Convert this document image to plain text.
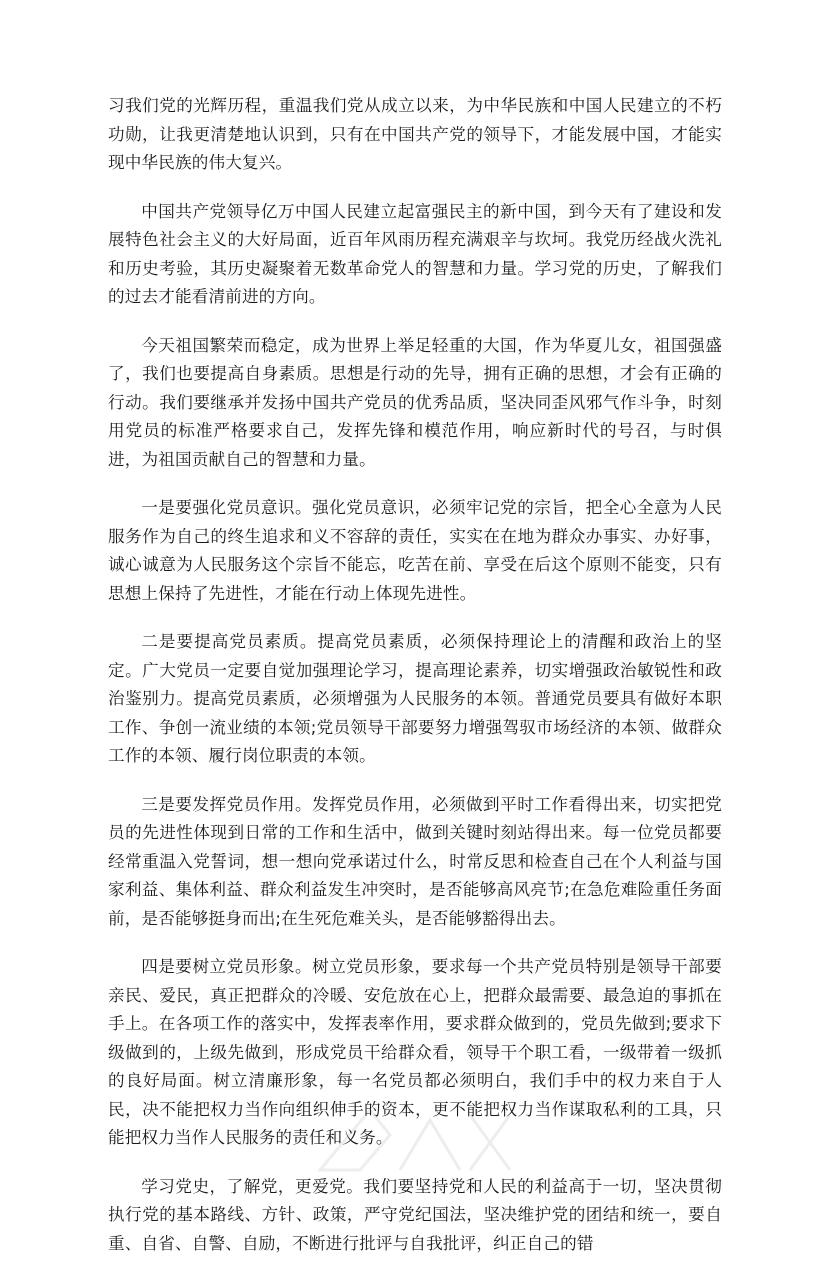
习我们党的光辉历程，重温我们党从成立以来，为中华民族和中国人民建立的不朽功勋，让我更清楚地认识到，只有在中国共产党的领导下，才能发展中国，才能实现中华民族的伟大复兴。

中国共产党领导亿万中国人民建立起富强民主的新中国，到今天有了建设和发展特色社会主义的大好局面，近百年风雨历程充满艰辛与坎坷。我党历经战火洗礼和历史考验，其历史凝聚着无数革命党人的智慧和力量。学习党的历史，了解我们的过去才能看清前进的方向。

今天祖国繁荣而稳定，成为世界上举足轻重的大国，作为华夏儿女，祖国强盛了，我们也要提高自身素质。思想是行动的先导，拥有正确的思想，才会有正确的行动。我们要继承并发扬中国共产党员的优秀品质，坚决同歪风邪气作斗争，时刻用党员的标准严格要求自己，发挥先锋和模范作用，响应新时代的号召，与时俱进，为祖国贡献自己的智慧和力量。

一是要强化党员意识。强化党员意识，必须牢记党的宗旨，把全心全意为人民服务作为自己的终生追求和义不容辞的责任，实实在在地为群众办事实、办好事，诚心诚意为人民服务这个宗旨不能忘，吃苦在前、享受在后这个原则不能变，只有思想上保持了先进性，才能在行动上体现先进性。

二是要提高党员素质。提高党员素质，必须保持理论上的清醒和政治上的坚定。广大党员一定要自觉加强理论学习，提高理论素养，切实增强政治敏锐性和政治鉴别力。提高党员素质，必须增强为人民服务的本领。普通党员要具有做好本职工作、争创一流业绩的本领;党员领导干部要努力增强驾驭市场经济的本领、做群众工作的本领、履行岗位职责的本领。

三是要发挥党员作用。发挥党员作用，必须做到平时工作看得出来，切实把党员的先进性体现到日常的工作和生活中，做到关键时刻站得出来。每一位党员都要经常重温入党誓词，想一想向党承诺过什么，时常反思和检查自己在个人利益与国家利益、集体利益、群众利益发生冲突时，是否能够高风亮节;在急危难险重任务面前，是否能够挺身而出;在生死危难关头，是否能够豁得出去。

四是要树立党员形象。树立党员形象，要求每一个共产党员特别是领导干部要亲民、爱民，真正把群众的冷暖、安危放在心上，把群众最需要、最急迫的事抓在手上。在各项工作的落实中，发挥表率作用，要求群众做到的，党员先做到;要求下级做到的，上级先做到，形成党员干给群众看，领导干个职工看，一级带着一级抓的良好局面。树立清廉形象，每一名党员都必须明白，我们手中的权力来自于人民，决不能把权力当作向组织伸手的资本，更不能把权力当作谋取私利的工具，只能把权力当作人民服务的责任和义务。

学习党史，了解党，更爱党。我们要坚持党和人民的利益高于一切，坚决贯彻执行党的基本路线、方针、政策，严守党纪国法，坚决维护党的团结和统一，要自重、自省、自警、自励，不断进行批评与自我批评，纠正自己的错
